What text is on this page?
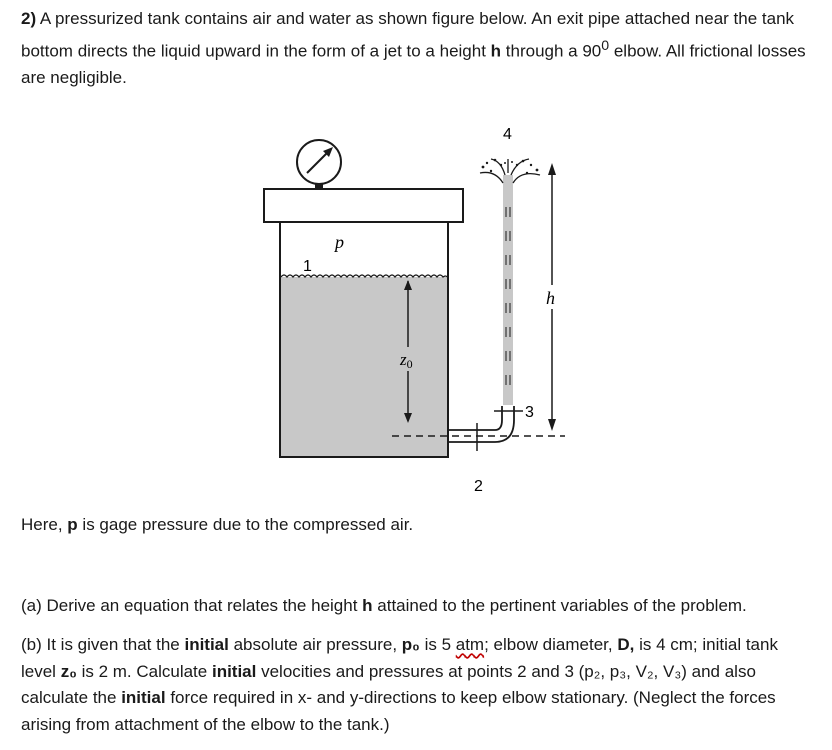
2) A pressurized tank contains air and water as shown figure below. An exit pipe attached near the tank bottom directs the liquid upward in the form of a jet to a height h through a $90^0$ elbow. All frictional losses are negligible.

p
1
z0
2
3
4
h

Here, p is gage pressure due to the compressed air.

(a) Derive an equation that relates the height h attained to the pertinent variables of the problem.

(b) It is given that the initial absolute air pressure, p₀ is 5 atm; elbow diameter, D, is 4 cm; initial tank level z₀ is 2 m. Calculate initial velocities and pressures at points 2 and 3 (p₂, p₃, V₂, V₃) and also calculate the initial force required in x- and y-directions to keep elbow stationary. (Neglect the forces arising from attachment of the elbow to the tank.)
